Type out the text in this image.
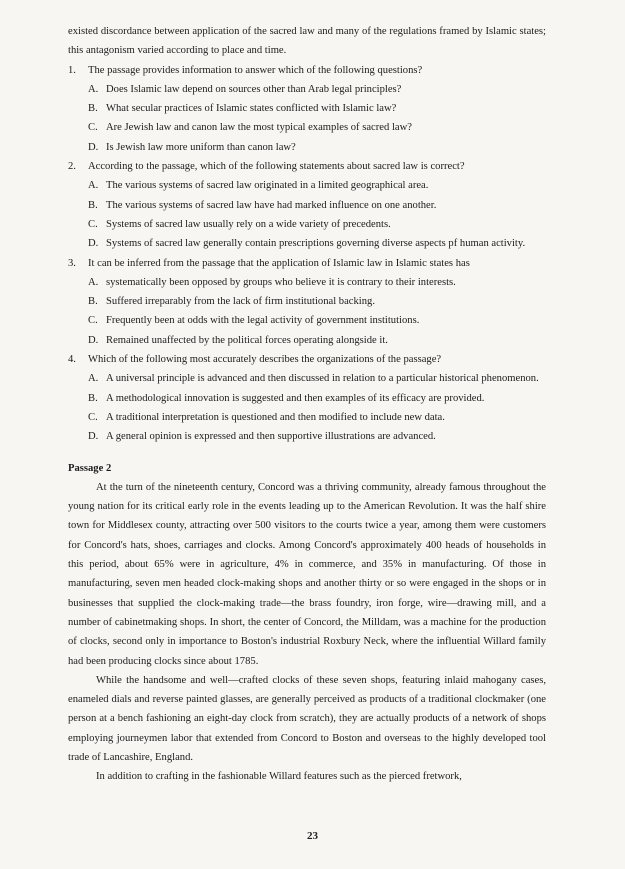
existed discordance between application of the sacred law and many of the regulations framed by Islamic states; this antagonism varied according to place and time.

1.	The passage provides information to answer which of the following questions?
A. Does Islamic law depend on sources other than Arab legal principles?
B. What secular practices of Islamic states conflicted with Islamic law?
C. Are Jewish law and canon law the most typical examples of sacred law?
D. Is Jewish law more uniform than canon law?
2.	According to the passage, which of the following statements about sacred law is correct?
A. The various systems of sacred law originated in a limited geographical area.
B. The various systems of sacred law have had marked influence on one another.
C. Systems of sacred law usually rely on a wide variety of precedents.
D. Systems of sacred law generally contain prescriptions governing diverse aspects pf human activity.
3.	It can be inferred from the passage that the application of Islamic law in Islamic states has
A. systematically been opposed by groups who believe it is contrary to their interests.
B. Suffered irreparably from the lack of firm institutional backing.
C. Frequently been at odds with the legal activity of government institutions.
D. Remained unaffected by the political forces operating alongside it.
4.	Which of the following most accurately describes the organizations of the passage?
A. A universal principle is advanced and then discussed in relation to a particular historical phenomenon.
B. A methodological innovation is suggested and then examples of its efficacy are provided.
C. A traditional interpretation is questioned and then modified to include new data.
D. A general opinion is expressed and then supportive illustrations are advanced.

Passage 2

At the turn of the nineteenth century, Concord was a thriving community, already famous throughout the young nation for its critical early role in the events leading up to the American Revolution. It was the half shire town for Middlesex county, attracting over 500 visitors to the courts twice a year, among them were customers for Concord's hats, shoes, carriages and clocks. Among Concord's approximately 400 heads of households in this period, about 65% were in agriculture, 4% in commerce, and 35% in manufacturing. Of those in manufacturing, seven men headed clock-making shops and another thirty or so were engaged in the shops or in businesses that supplied the clock-making trade—the brass foundry, iron forge, wire—drawing mill, and a number of cabinetmaking shops. In short, the center of Concord, the Milldam, was a machine for the production of clocks, second only in importance to Boston's industrial Roxbury Neck, where the influential Willard family had been producing clocks since about 1785.

While the handsome and well—crafted clocks of these seven shops, featuring inlaid mahogany cases, enameled dials and reverse painted glasses, are generally perceived as products of a traditional clockmaker (one person at a bench fashioning an eight-day clock from scratch), they are actually products of a network of shops employing journeymen labor that extended from Concord to Boston and overseas to the highly developed tool trade of Lancashire, England.

In addition to crafting in the fashionable Willard features such as the pierced fretwork,

23
